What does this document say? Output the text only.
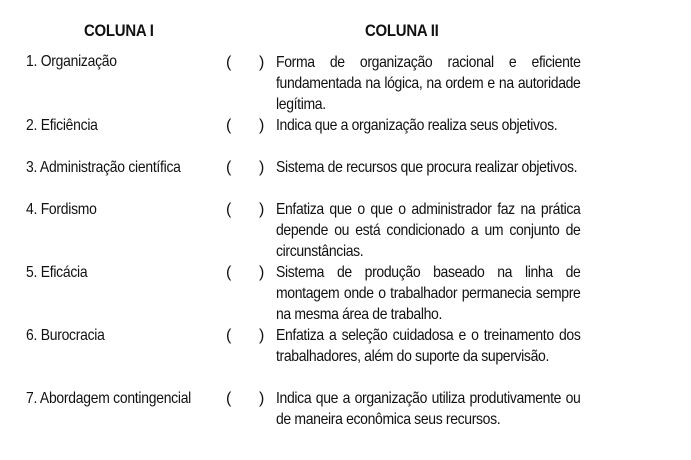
COLUNA I	COLUNA II
1. Organização	( ) Forma de organização racional e eficiente fundamentada na lógica, na ordem e na autoridade legítima.
2. Eficiência	( ) Indica que a organização realiza seus objetivos.
3. Administração científica	( ) Sistema de recursos que procura realizar objetivos.
4. Fordismo	( ) Enfatiza que o que o administrador faz na prática depende ou está condicionado a um conjunto de circunstâncias.
5. Eficácia	( ) Sistema de produção baseado na linha de montagem onde o trabalhador permanecia sempre na mesma área de trabalho.
6. Burocracia	( ) Enfatiza a seleção cuidadosa e o treinamento dos trabalhadores, além do suporte da supervisão.
7. Abordagem contingencial ( ) Indica que a organização utiliza produtivamente ou de maneira econômica seus recursos.
